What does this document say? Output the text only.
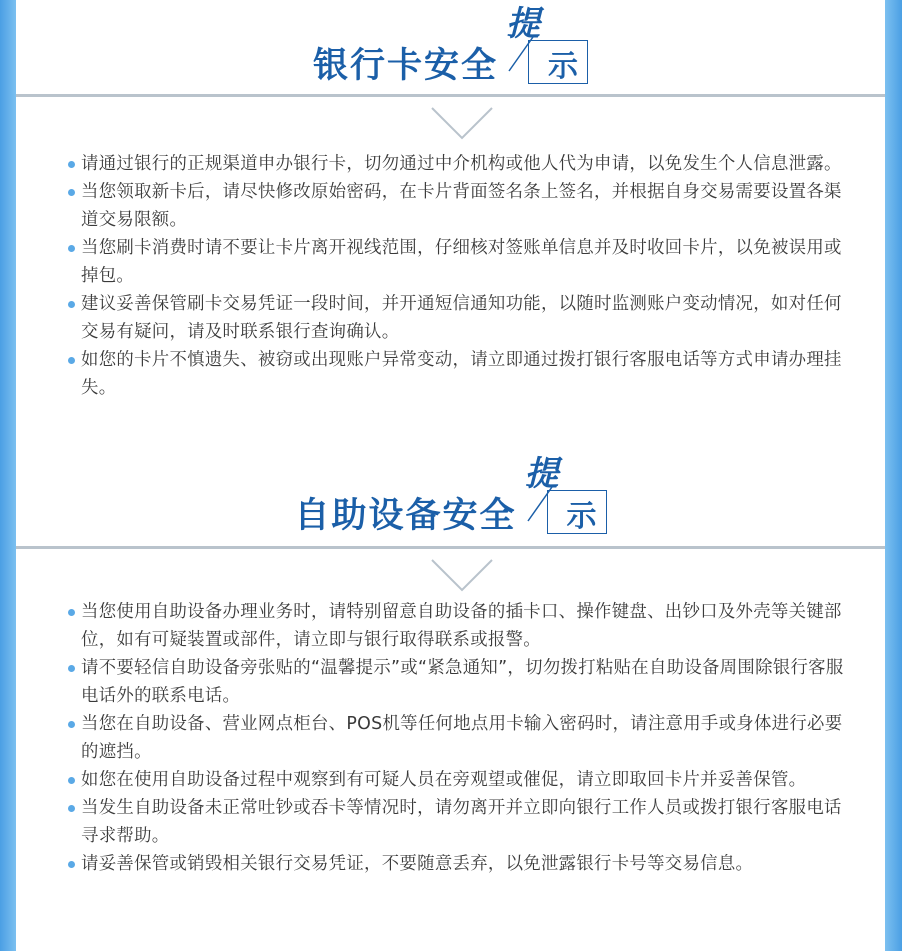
银行卡安全
提
示
请通过银行的正规渠道申办银行卡，切勿通过中介机构或他人代为申请，以免发生个人信息泄露。
当您领取新卡后，请尽快修改原始密码，在卡片背面签名条上签名，并根据自身交易需要设置各渠道交易限额。
当您刷卡消费时请不要让卡片离开视线范围，仔细核对签账单信息并及时收回卡片，以免被误用或掉包。
建议妥善保管刷卡交易凭证一段时间，并开通短信通知功能，以随时监测账户变动情况，如对任何交易有疑问，请及时联系银行查询确认。
如您的卡片不慎遗失、被窃或出现账户异常变动，请立即通过拨打银行客服电话等方式申请办理挂失。
自助设备安全
提
示
当您使用自助设备办理业务时，请特别留意自助设备的插卡口、操作键盘、出钞口及外壳等关键部位，如有可疑装置或部件，请立即与银行取得联系或报警。
请不要轻信自助设备旁张贴的“温馨提示”或“紧急通知”，切勿拨打粘贴在自助设备周围除银行客服电话外的联系电话。
当您在自助设备、营业网点柜台、POS机等任何地点用卡输入密码时，请注意用手或身体进行必要的遮挡。
如您在使用自助设备过程中观察到有可疑人员在旁观望或催促，请立即取回卡片并妥善保管。
当发生自助设备未正常吐钞或吞卡等情况时，请勿离开并立即向银行工作人员或拨打银行客服电话寻求帮助。
请妥善保管或销毁相关银行交易凭证，不要随意丢弃，以免泄露银行卡号等交易信息。
